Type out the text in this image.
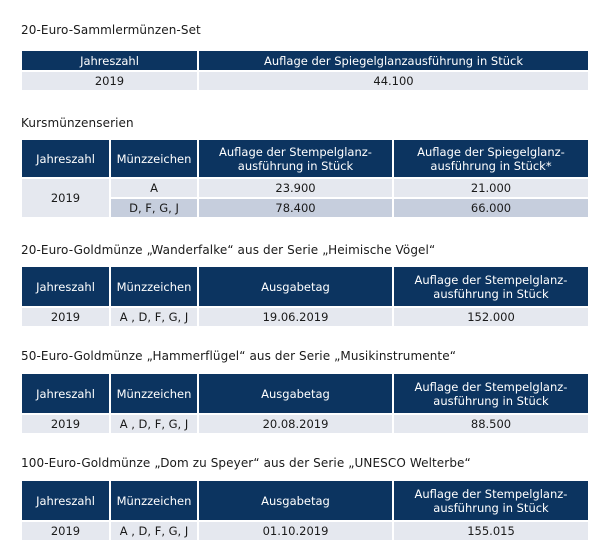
20-Euro-Sammlermünzen-Set
Jahreszahl	Auflage der Spiegelglanzausführung in Stück
2019	44.100
Kursmünzenserien
Jahreszahl	Münzzeichen	Auflage der Stempelglanz-ausführung in Stück	Auflage der Spiegelglanz-ausführung in Stück*
2019	A	23.900	21.000
	D, F, G, J	78.400	66.000
20-Euro-Goldmünze „Wanderfalke“ aus der Serie „Heimische Vögel“
Jahreszahl	Münzzeichen	Ausgabetag	Auflage der Stempelglanz-ausführung in Stück
2019	A , D, F, G, J	19.06.2019	152.000
50-Euro-Goldmünze „Hammerflügel“ aus der Serie „Musikinstrumente“
Jahreszahl	Münzzeichen	Ausgabetag	Auflage der Stempelglanz-ausführung in Stück
2019	A , D, F, G, J	20.08.2019	88.500
100-Euro-Goldmünze „Dom zu Speyer“ aus der Serie „UNESCO Welterbe“
Jahreszahl	Münzzeichen	Ausgabetag	Auflage der Stempelglanz-ausführung in Stück
2019	A , D, F, G, J	01.10.2019	155.015
